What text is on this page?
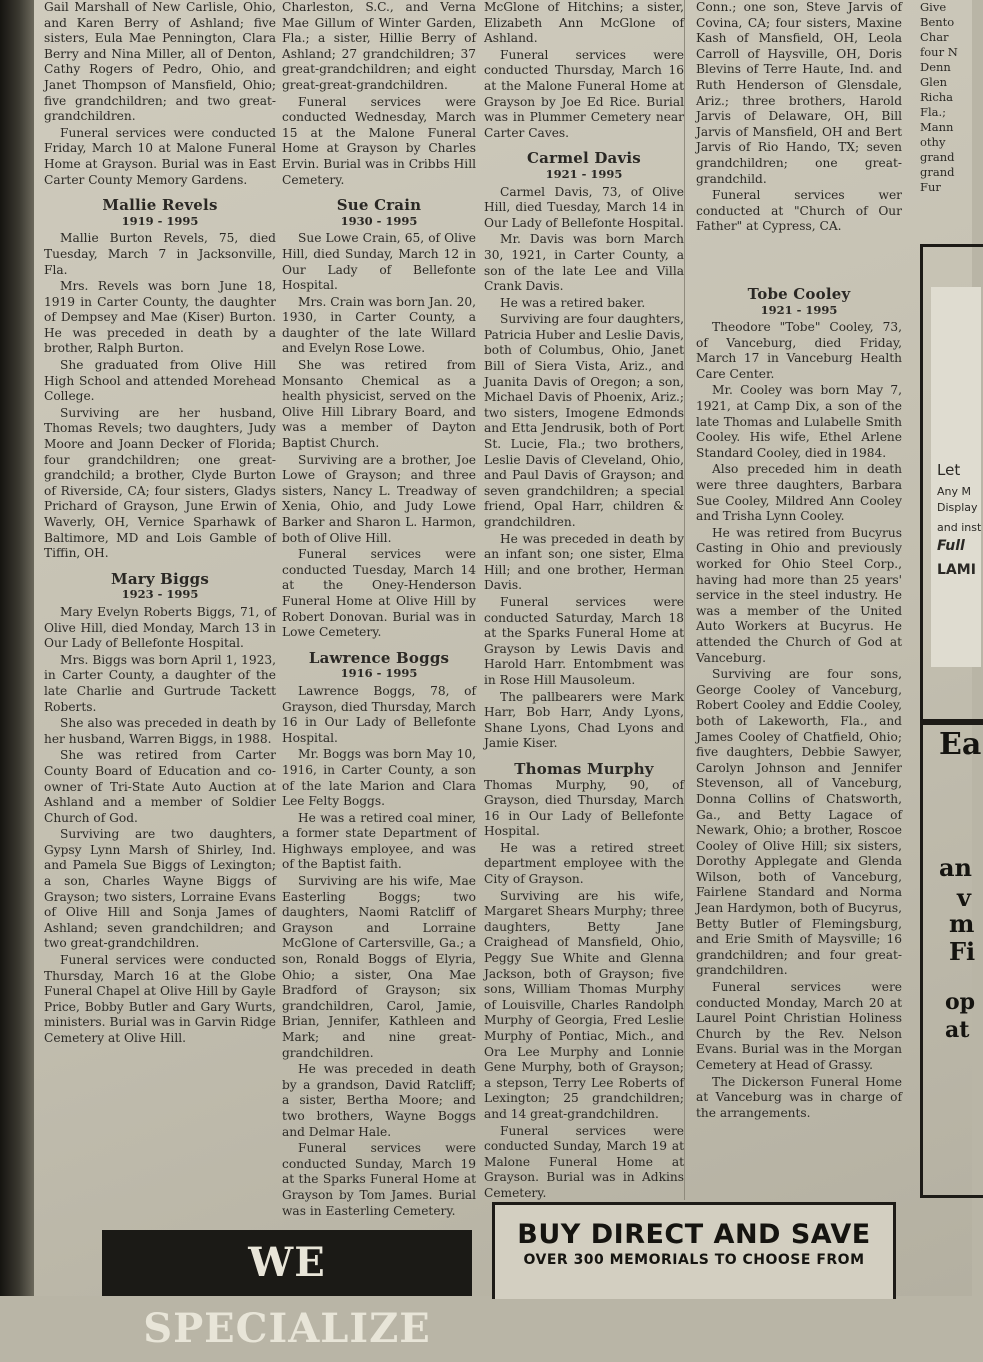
Gail Marshall of New Carlisle, Ohio, and Karen Berry of Ashland; five sisters, Eula Mae Pennington, Clara Berry and Nina Miller, all of Denton, Cathy Rogers of Pedro, Ohio, and Janet Thompson of Mansfield, Ohio; five grandchildren; and two great-grandchildren.

Funeral services were conducted Friday, March 10 at Malone Funeral Home at Grayson. Burial was in East Carter County Memory Gardens.

Mallie Revels
1919 - 1995

Mallie Burton Revels, 75, died Tuesday, March 7 in Jacksonville, Fla.

Mrs. Revels was born June 18, 1919 in Carter County, the daughter of Dempsey and Mae (Kiser) Burton. He was preceded in death by a brother, Ralph Burton.

She graduated from Olive Hill High School and attended Morehead College.

Surviving are her husband, Thomas Revels; two daughters, Judy Moore and Joann Decker of Florida; four grandchildren; one great-grandchild; a brother, Clyde Burton of Riverside, CA; four sisters, Gladys Prichard of Grayson, June Erwin of Waverly, OH, Vernice Sparhawk of Baltimore, MD and Lois Gamble of Tiffin, OH.

Mary Biggs
1923 - 1995

Mary Evelyn Roberts Biggs, 71, of Olive Hill, died Monday, March 13 in Our Lady of Bellefonte Hospital.

Mrs. Biggs was born April 1, 1923, in Carter County, a daughter of the late Charlie and Gurtrude Tackett Roberts.

She also was preceded in death by her husband, Warren Biggs, in 1988.

She was retired from Carter County Board of Education and co-owner of Tri-State Auto Auction at Ashland and a member of Soldier Church of God.

Surviving are two daughters, Gypsy Lynn Marsh of Shirley, Ind. and Pamela Sue Biggs of Lexington; a son, Charles Wayne Biggs of Grayson; two sisters, Lorraine Evans of Olive Hill and Sonja James of Ashland; seven grandchildren; and two great-grandchildren.

Funeral services were conducted Thursday, March 16 at the Globe Funeral Chapel at Olive Hill by Gayle Price, Bobby Butler and Gary Wurts, ministers. Burial was in Garvin Ridge Cemetery at Olive Hill.

Charleston, S.C., and Verna Mae Gillum of Winter Garden, Fla.; a sister, Hillie Berry of Ashland; 27 grandchildren; 37 great-grandchildren; and eight great-great-grandchildren.

Funeral services were conducted Wednesday, March 15 at the Malone Funeral Home at Grayson by Charles Ervin. Burial was in Cribbs Hill Cemetery.

Sue Crain
1930 - 1995

Sue Lowe Crain, 65, of Olive Hill, died Sunday, March 12 in Our Lady of Bellefonte Hospital.

Mrs. Crain was born Jan. 20, 1930, in Carter County, a daughter of the late Willard and Evelyn Rose Lowe.

She was retired from Monsanto Chemical as a health physicist, served on the Olive Hill Library Board, and was a member of Dayton Baptist Church.

Surviving are a brother, Joe Lowe of Grayson; and three sisters, Nancy L. Treadway of Xenia, Ohio, and Judy Lowe Barker and Sharon L. Harmon, both of Olive Hill.

Funeral services were conducted Tuesday, March 14 at the Oney-Henderson Funeral Home at Olive Hill by Robert Donovan. Burial was in Lowe Cemetery.

Lawrence Boggs
1916 - 1995

Lawrence Boggs, 78, of Grayson, died Thursday, March 16 in Our Lady of Bellefonte Hospital.

Mr. Boggs was born May 10, 1916, in Carter County, a son of the late Marion and Clara Lee Felty Boggs.

He was a retired coal miner, a former state Department of Highways employee, and was of the Baptist faith.

Surviving are his wife, Mae Easterling Boggs; two daughters, Naomi Ratcliff of Grayson and Lorraine McGlone of Cartersville, Ga.; a son, Ronald Boggs of Elyria, Ohio; a sister, Ona Mae Bradford of Grayson; six grandchildren, Carol, Jamie, Brian, Jennifer, Kathleen and Mark; and nine great-grandchildren.

He was preceded in death by a grandson, David Ratcliff; a sister, Bertha Moore; and two brothers, Wayne Boggs and Delmar Hale.

Funeral services were conducted Sunday, March 19 at the Sparks Funeral Home at Grayson by Tom James. Burial was in Easterling Cemetery.

McGlone of Hitchins; a sister, Elizabeth Ann McGlone of Ashland.

Funeral services were conducted Thursday, March 16 at the Malone Funeral Home at Grayson by Joe Ed Rice. Burial was in Plummer Cemetery near Carter Caves.

Carmel Davis
1921 - 1995

Carmel Davis, 73, of Olive Hill, died Tuesday, March 14 in Our Lady of Bellefonte Hospital.

Mr. Davis was born March 30, 1921, in Carter County, a son of the late Lee and Villa Crank Davis.

He was a retired baker.

Surviving are four daughters, Patricia Huber and Leslie Davis, both of Columbus, Ohio, Janet Bill of Siera Vista, Ariz., and Juanita Davis of Oregon; a son, Michael Davis of Phoenix, Ariz.; two sisters, Imogene Edmonds and Etta Jendrusik, both of Port St. Lucie, Fla.; two brothers, Leslie Davis of Cleveland, Ohio, and Paul Davis of Grayson; and seven grandchildren; a special friend, Opal Harr, children & grandchildren.

He was preceded in death by an infant son; one sister, Elma Hill; and one brother, Herman Davis.

Funeral services were conducted Saturday, March 18 at the Sparks Funeral Home at Grayson by Lewis Davis and Harold Harr. Entombment was in Rose Hill Mausoleum.

The pallbearers were Mark Harr, Bob Harr, Andy Lyons, Shane Lyons, Chad Lyons and Jamie Kiser.

Thomas Murphy

Thomas Murphy, 90, of Grayson, died Thursday, March 16 in Our Lady of Bellefonte Hospital.

He was a retired street department employee with the City of Grayson.

Surviving are his wife, Margaret Shears Murphy; three daughters, Betty Jane Craighead of Mansfield, Ohio, Peggy Sue White and Glenna Jackson, both of Grayson; five sons, William Thomas Murphy of Louisville, Charles Randolph Murphy of Georgia, Fred Leslie Murphy of Pontiac, Mich., and Ora Lee Murphy and Lonnie Gene Murphy, both of Grayson; a stepson, Terry Lee Roberts of Lexington; 25 grandchildren; and 14 great-grandchildren.

Funeral services were conducted Sunday, March 19 at Malone Funeral Home at Grayson. Burial was in Adkins Cemetery.

Conn.; one son, Steve Jarvis of Covina, CA; four sisters, Maxine Kash of Mansfield, OH, Leola Carroll of Haysville, OH, Doris Blevins of Terre Haute, Ind. and Ruth Henderson of Glensdale, Ariz.; three brothers, Harold Jarvis of Delaware, OH, Bill Jarvis of Mansfield, OH and Bert Jarvis of Rio Hando, TX; seven grandchildren; one great-grandchild.

Funeral services wer conducted at "Church of Our Father" at Cypress, CA.

Tobe Cooley
1921 - 1995

Theodore "Tobe" Cooley, 73, of Vanceburg, died Friday, March 17 in Vanceburg Health Care Center.

Mr. Cooley was born May 7, 1921, at Camp Dix, a son of the late Thomas and Lulabelle Smith Cooley. His wife, Ethel Arlene Standard Cooley, died in 1984.

Also preceded him in death were three daughters, Barbara Sue Cooley, Mildred Ann Cooley and Trisha Lynn Cooley.

He was retired from Bucyrus Casting in Ohio and previously worked for Ohio Steel Corp., having had more than 25 years' service in the steel industry. He was a member of the United Auto Workers at Bucyrus. He attended the Church of God at Vanceburg.

Surviving are four sons, George Cooley of Vanceburg, Robert Cooley and Eddie Cooley, both of Lakeworth, Fla., and James Cooley of Chatfield, Ohio; five daughters, Debbie Sawyer, Carolyn Johnson and Jennifer Stevenson, all of Vanceburg, Donna Collins of Chatsworth, Ga., and Betty Lagace of Newark, Ohio; a brother, Roscoe Cooley of Olive Hill; six sisters, Dorothy Applegate and Glenda Wilson, both of Vanceburg, Fairlene Standard and Norma Jean Hardymon, both of Bucyrus, Betty Butler of Flemingsburg, and Erie Smith of Maysville; 16 grandchildren; and four great-grandchildren.

Funeral services were conducted Monday, March 20 at Laurel Point Christian Holiness Church by the Rev. Nelson Evans. Burial was in the Morgan Cemetery at Head of Grassy.

The Dickerson Funeral Home at Vanceburg was in charge of the arrangements.

Give
Bento
Char
four N
Denn
Glen
Richa
Fla.;
Mann
othy
grand
grand
Fur
Let
Any M
Display
and inst
Full
LAMI
Ea
an
v
m
Fi
op
at
WE SPECIALIZE
BUY DIRECT AND SAVE
OVER 300 MEMORIALS TO CHOOSE FROM
